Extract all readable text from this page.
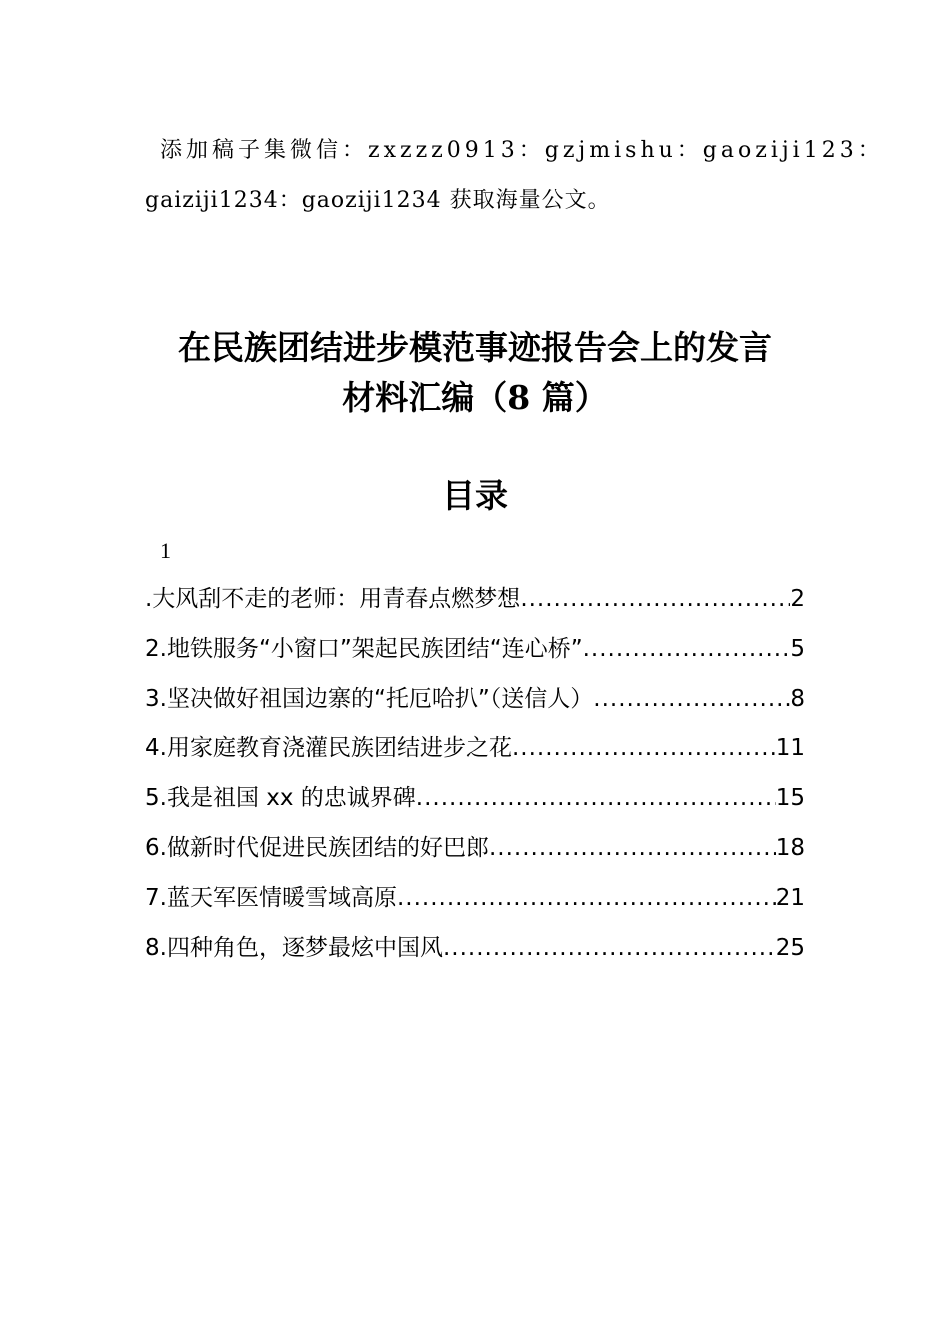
添加稿子集微信：zxzzz0913：gzjmishu：gaoziji123：
gaiziji1234：gaoziji1234 获取海量公文。
在民族团结进步模范事迹报告会上的发言
材料汇编（8 篇）
目录
1
.大风刮不走的老师：用青春点燃梦想 .....	2
2.地铁服务“小窗口”架起民族团结“连心桥” .....	5
3.坚决做好祖国边寨的“托厄哈扒”（送信人） .....	8
4.用家庭教育浇灌民族团结进步之花 .....	11
5.我是祖国 xx 的忠诚界碑 .....	15
6.做新时代促进民族团结的好巴郎 .....	18
7.蓝天军医情暖雪域高原 .....	21
8.四种角色，逐梦最炫中国风 .....	25
